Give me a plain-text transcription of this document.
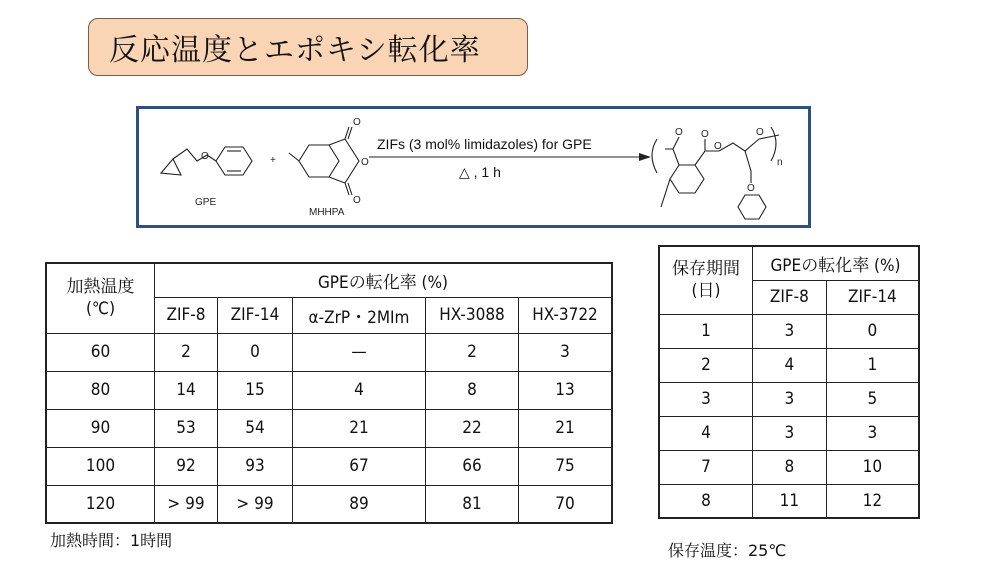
反応温度とエポキシ転化率
O
O
O
O
O O
O
O
O
GPE
+
MHHPA
ZIFs (3 mol% limidazoles) for GPE
△ , 1 h
n
加熱温度
(℃)	GPEの転化率 (%)				
	ZIF-8	ZIF-14	α-ZrP・2MIm	HX-3088	HX-3722
60	2	0	—	2	3
80	14	15	4	8	13
90	53	54	21	22	21
100	92	93	67	66	75
120	> 99	> 99	89	81	70
加熱時間：1時間
保存期間
(日)	GPEの転化率 (%)	
	ZIF-8	ZIF-14
1	3	0
2	4	1
3	3	5
4	3	3
7	8	10
8	11	12
保存温度：25℃
